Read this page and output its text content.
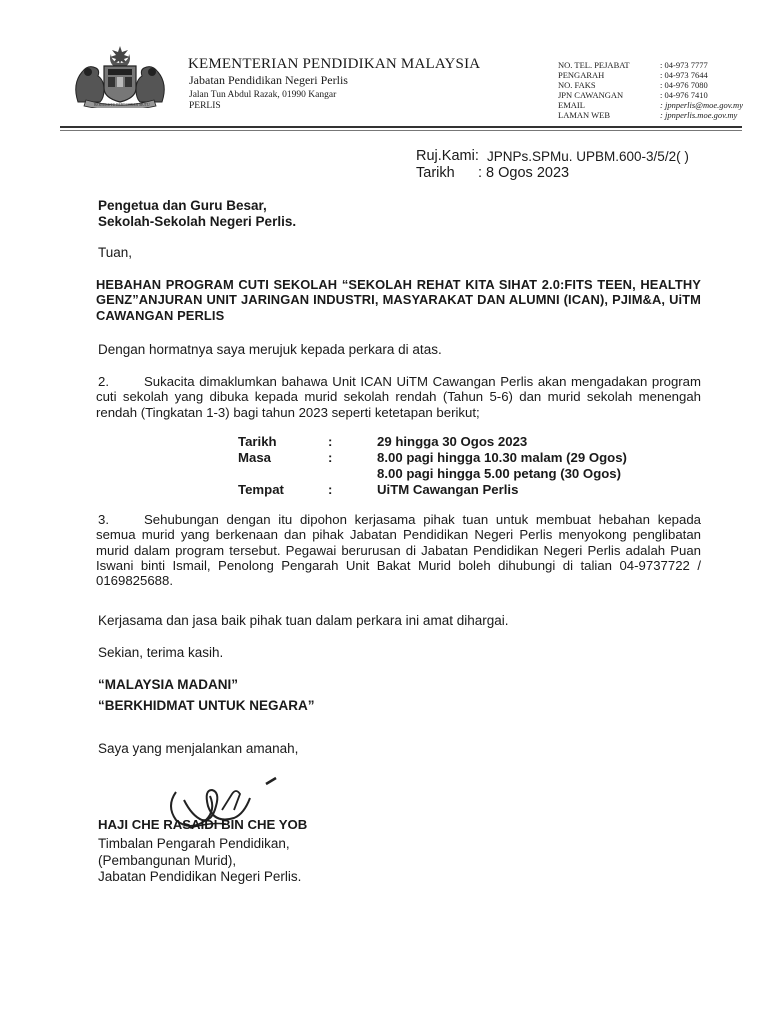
BERSEKUTU BERTAMBAH MUTU
KEMENTERIAN PENDIDIKAN MALAYSIA
Jabatan Pendidikan Negeri Perlis
Jalan Tun Abdul Razak, 01990 Kangar
PERLIS
NO. TEL. PEJABAT	: 04-973 7777
PENGARAH	: 04-973 7644
NO. FAKS	: 04-976 7080
JPN CAWANGAN	: 04-976 7410
EMAIL	: jpnperlis@moe.gov.my
LAMAN WEB	: jpnperlis.moe.gov.my
Ruj.Kami: JPNPs.SPMu. UPBM.600-3/5/2( )
Tarikh : 8 Ogos 2023
Pengetua dan Guru Besar,
Sekolah-Sekolah Negeri Perlis.
Tuan,
HEBAHAN PROGRAM CUTI SEKOLAH “SEKOLAH REHAT KITA SIHAT 2.0:FITS TEEN, HEALTHY GENZ”ANJURAN UNIT JARINGAN INDUSTRI, MASYARAKAT DAN ALUMNI (ICAN), PJIM&A, UiTM CAWANGAN PERLIS
Dengan hormatnya saya merujuk kepada perkara di atas.
2.	Sukacita dimaklumkan bahawa Unit ICAN UiTM Cawangan Perlis akan mengadakan program cuti sekolah yang dibuka kepada murid sekolah rendah (Tahun 5-6) dan murid sekolah menengah rendah (Tingkatan 1-3) bagi tahun 2023 seperti ketetapan berikut;
Tarikh	:	29 hingga 30 Ogos 2023
Masa	:	8.00 pagi hingga 10.30 malam (29 Ogos)
8.00 pagi hingga 5.00 petang (30 Ogos)
Tempat	:	UiTM Cawangan Perlis
3.	Sehubungan dengan itu dipohon kerjasama pihak tuan untuk membuat hebahan kepada semua murid yang berkenaan dan pihak Jabatan Pendidikan Negeri Perlis menyokong penglibatan murid dalam program tersebut. Pegawai berurusan di Jabatan Pendidikan Negeri Perlis adalah Puan Iswani binti Ismail, Penolong Pengarah Unit Bakat Murid boleh dihubungi di talian 04-9737722 / 0169825688.
Kerjasama dan jasa baik pihak tuan dalam perkara ini amat dihargai.
Sekian, terima kasih.
“MALAYSIA MADANI”
“BERKHIDMAT UNTUK NEGARA”
Saya yang menjalankan amanah,
HAJI CHE RASAIDI BIN CHE YOB
Timbalan Pengarah Pendidikan,
(Pembangunan Murid),
Jabatan Pendidikan Negeri Perlis.
